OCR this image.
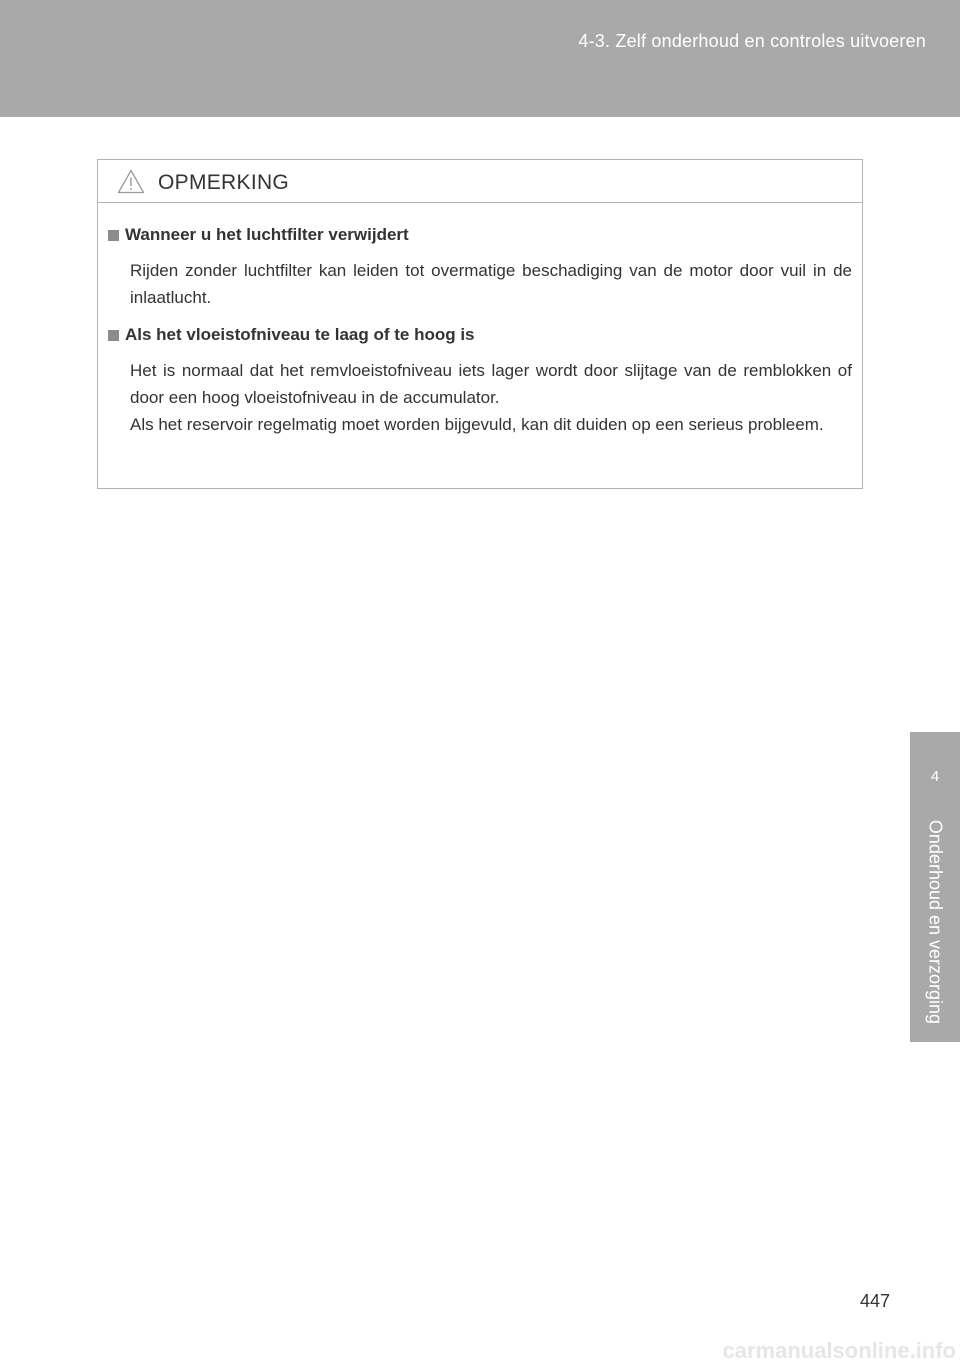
4-3. Zelf onderhoud en controles uitvoeren
4
Onderhoud en verzorging
OPMERKING
Wanneer u het luchtfilter verwijdert

Rijden zonder luchtfilter kan leiden tot overmatige beschadiging van de motor door vuil in de inlaatlucht.

Als het vloeistofniveau te laag of te hoog is

Het is normaal dat het remvloeistofniveau iets lager wordt door slijtage van de remblokken of door een hoog vloeistofniveau in de accumulator.

Als het reservoir regelmatig moet worden bijgevuld, kan dit duiden op een serieus probleem.

447
carmanualsonline.info
